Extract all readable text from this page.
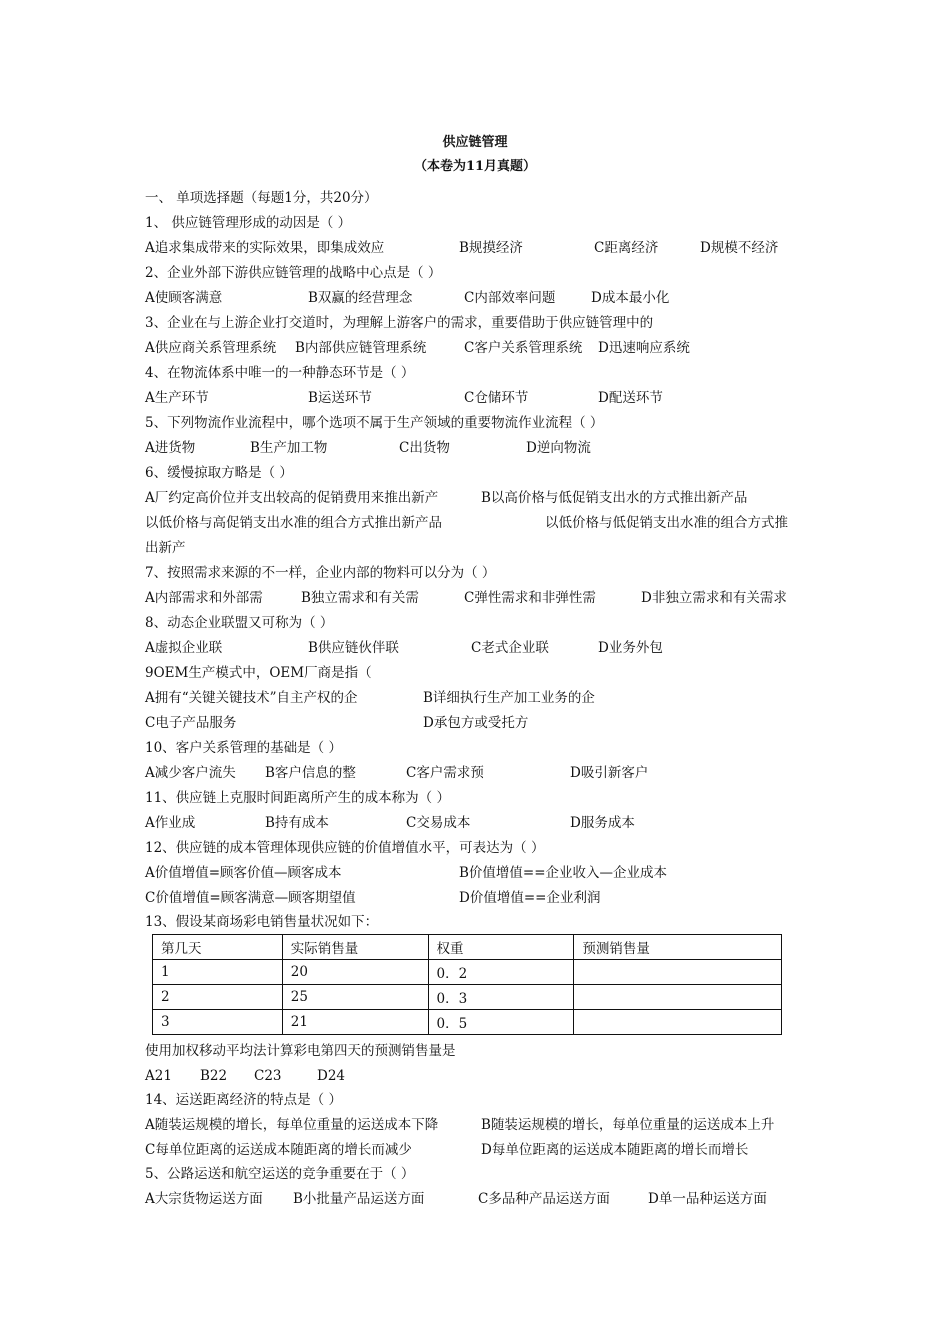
供应链管理
（本卷为11月真题）
一、 单项选择题（每题1分，共20分）
1、 供应链管理形成的动因是（ ）
A追求集成带来的实际效果，即集成效应	B规摸经济	C距离经济	D规模不经济
2、企业外部下游供应链管理的战略中心点是（ ）
A使顾客满意	B双赢的经营理念	C内部效率问题	D成本最小化
3、企业在与上游企业打交道时，为理解上游客户的需求，重要借助于供应链管理中的
A供应商关系管理系统 B内部供应链管理系统	C客户关系管理系统 D迅速响应系统
4、在物流体系中唯一的一种静态环节是（ ）
A生产环节	B运送环节	C仓储环节	D配送环节
5、下列物流作业流程中，哪个选项不属于生产领域的重要物流作业流程（ ）
A进货物	B生产加工物	C出货物	D逆向物流
6、缓慢掠取方略是（ ）
A厂约定高价位并支出较高的促销费用来推出新产	B以高价格与低促销支出水的方式推出新产品
以低价格与高促销支出水准的组合方式推出新产品	以低价格与低促销支出水准的组合方式推
出新产
7、按照需求来源的不一样，企业内部的物料可以分为（ ）
A内部需求和外部需	B独立需求和有关需	C弹性需求和非弹性需	D非独立需求和有关需求
8、动态企业联盟又可称为（ ）
A虚拟企业联	B供应链伙伴联	C老式企业联	D业务外包
9OEM生产模式中，OEM厂商是指（
A拥有“关键关键技术”自主产权的企	B详细执行生产加工业务的企
C电子产品服务	D承包方或受托方
10、客户关系管理的基础是（ ）
A减少客户流失 B客户信息的整	C客户需求预	D吸引新客户
11、供应链上克服时间距离所产生的成本称为（ ）
A作业成	B持有成本	C交易成本	D服务成本
12、供应链的成本管理体现供应链的价值增值水平，可表达为（ ）
A价值增值=顾客价值—顾客成本	B价值增值==企业收入—企业成本
C价值增值=顾客满意—顾客期望值	D价值增值==企业利润
13、假设某商场彩电销售量状况如下：
第几天	实际销售量	权重	预测销售量
1	20	0．2	
2	25	0．3	
3	21	0．5	
使用加权移动平均法计算彩电第四天的预测销售量是
A21 B22 C23	D24
14、运送距离经济的特点是（ ）
A随装运规模的增长，每单位重量的运送成本下降	B随装运规模的增长，每单位重量的运送成本上升
C每单位距离的运送成本随距离的增长而减少	D每单位距离的运送成本随距离的增长而增长
5、公路运送和航空运送的竞争重要在于（ ）
A大宗货物运送方面 B小批量产品运送方面	C多品种产品运送方面	D单一品种运送方面
